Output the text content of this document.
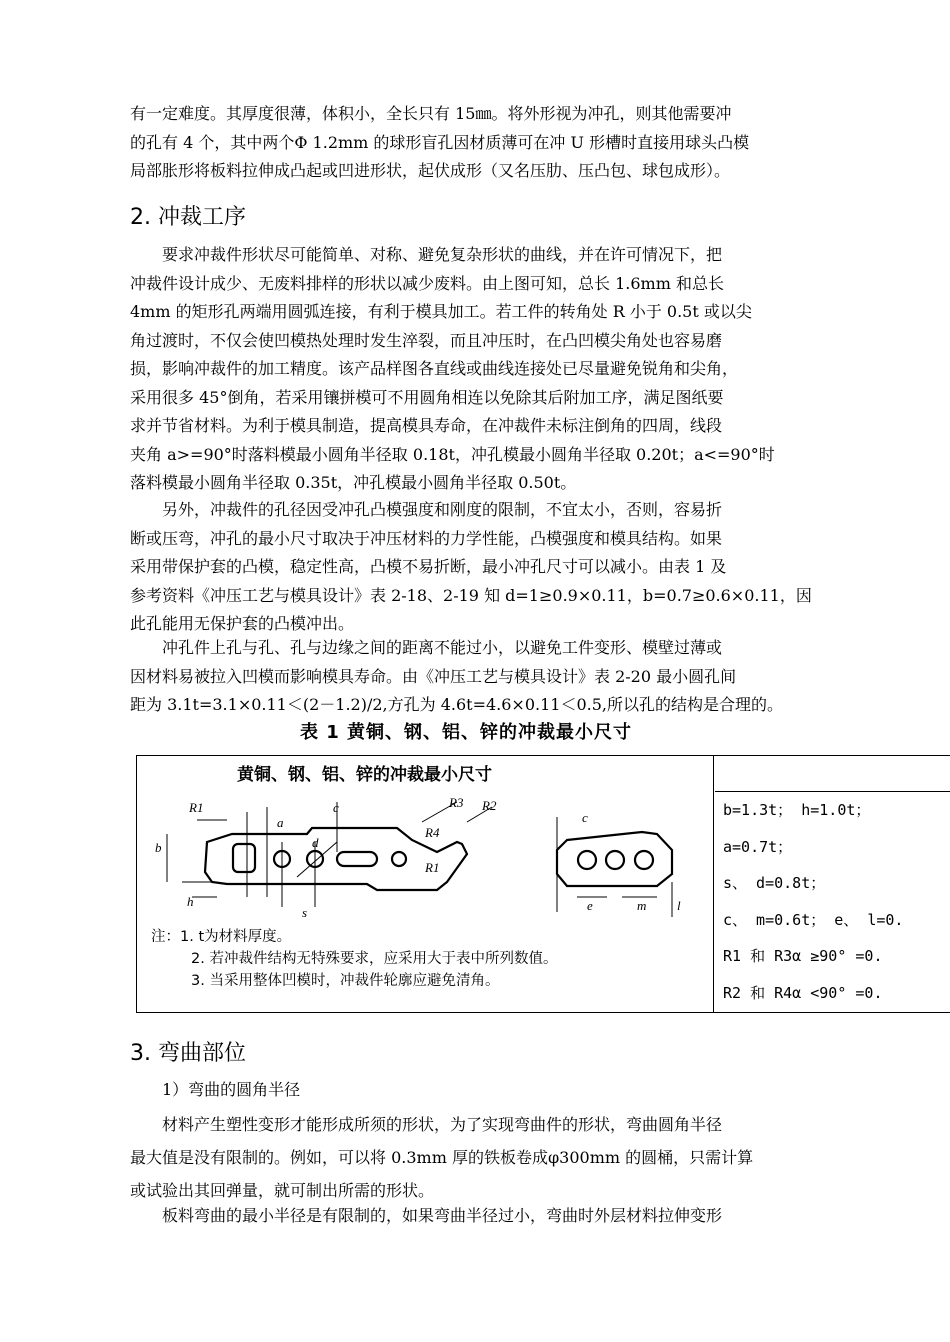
有一定难度。其厚度很薄，体积小，全长只有 15㎜。将外形视为冲孔，则其他需要冲
的孔有 4 个，其中两个Φ 1.2mm 的球形盲孔因材质薄可在冲 U 形槽时直接用球头凸模
局部胀形将板料拉伸成凸起或凹进形状，起伏成形（又名压肋、压凸包、球包成形）。

2. 冲裁工序

要求冲裁件形状尽可能简单、对称、避免复杂形状的曲线，并在许可情况下，把
冲裁件设计成少、无废料排样的形状以减少废料。由上图可知，总长 1.6mm 和总长
4mm 的矩形孔两端用圆弧连接，有利于模具加工。若工件的转角处 R 小于 0.5t 或以尖
角过渡时，不仅会使凹模热处理时发生淬裂，而且冲压时，在凸凹模尖角处也容易磨
损，影响冲裁件的加工精度。该产品样图各直线或曲线连接处已尽量避免锐角和尖角，
采用很多 45°倒角，若采用镶拼模可不用圆角相连以免除其后附加工序，满足图纸要
求并节省材料。为利于模具制造，提高模具寿命，在冲裁件未标注倒角的四周，线段
夹角 a>=90°时落料模最小圆角半径取 0.18t，冲孔模最小圆角半径取 0.20t；a<=90°时
落料模最小圆角半径取 0.35t，冲孔模最小圆角半径取 0.50t。

另外，冲裁件的孔径因受冲孔凸模强度和刚度的限制，不宜太小，否则，容易折
断或压弯，冲孔的最小尺寸取决于冲压材料的力学性能，凸模强度和模具结构。如果
采用带保护套的凸模，稳定性高，凸模不易折断，最小冲孔尺寸可以减小。由表 1 及
参考资料《冲压工艺与模具设计》表 2-18、2-19 知 d=1≥0.9×0.11，b=0.7≥0.6×0.11，因
此孔能用无保护套的凸模冲出。

冲孔件上孔与孔、孔与边缘之间的距离不能过小，以避免工件变形、模壁过薄或
因材料易被拉入凹模而影响模具寿命。由《冲压工艺与模具设计》表 2-20 最小圆孔间
距为 3.1t=3.1×0.11＜(2－1.2)/2,方孔为 4.6t=4.6×0.11＜0.5,所以孔的结构是合理的。

表 1 黄铜、钢、铝、锌的冲裁最小尺寸

黄铜、钢、铝、锌的冲裁最小尺寸
b
R1
a
d
c	R3 R2
R4
R1
h
s
c
e	m l
注：1. t为材料厚度。
2. 若冲裁件结构无特殊要求，应采用大于表中所列数值。
3. 当采用整体凹模时，冲裁件轮廓应避免清角。
b=1.3t； h=1.0t；
a=0.7t；
s、 d=0.8t；
c、 m=0.6t； e、 l=0.
R1 和 R3α ≥90° =0.
R2 和 R4α <90° =0.
3. 弯曲部位

1）弯曲的圆角半径

材料产生塑性变形才能形成所须的形状，为了实现弯曲件的形状，弯曲圆角半径
最大值是没有限制的。例如，可以将 0.3mm 厚的铁板卷成φ300mm 的圆桶，只需计算
或试验出其回弹量，就可制出所需的形状。

板料弯曲的最小半径是有限制的，如果弯曲半径过小，弯曲时外层材料拉伸变形
